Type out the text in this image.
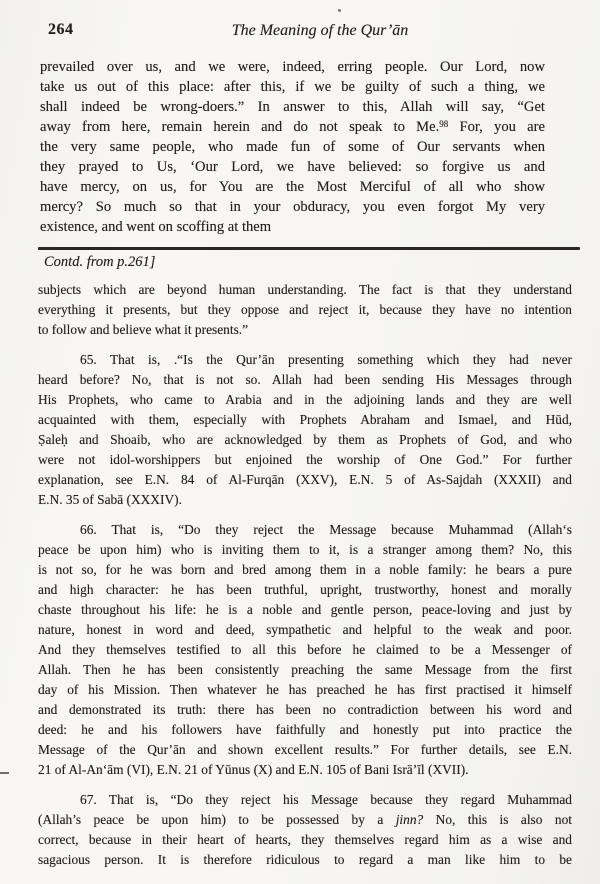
264	The Meaning of the Qur’ān
prevailed over us, and we were, indeed, erring people. Our Lord, now
take us out of this place: after this, if we be guilty of such a thing, we
shall indeed be wrong-doers.” In answer to this, Allah will say, “Get
away from here, remain herein and do not speak to Me.$^{98}$ For, you are
the very same people, who made fun of some of Our servants when
they prayed to Us, ‘Our Lord, we have believed: so forgive us and
have mercy, on us, for You are the Most Merciful of all who show
mercy? So much so that in your obduracy, you even forgot My very
existence, and went on scoffing at them
Contd. from p.261]
subjects which are beyond human understanding. The fact is that they understand
everything it presents, but they oppose and reject it, because they have no intention
to follow and believe what it presents.”
65. That is, .“Is the Qur’ān presenting something which they had never
heard before? No, that is not so. Allah had been sending His Messages through
His Prophets, who came to Arabia and in the adjoining lands and they are well
acquainted with them, especially with Prophets Abraham and Ismael, and Hūd,
Ṣaleḥ and Shoaib, who are acknowledged by them as Prophets of God, and who
were not idol-worshippers but enjoined the worship of One God.” For further
explanation, see E.N. 84 of Al-Furqān (XXV), E.N. 5 of As-Sajdah (XXXII) and
E.N. 35 of Sabā (XXXIV).
66. That is, “Do they reject the Message because Muhammad (Allah‘s
peace be upon him) who is inviting them to it, is a stranger among them? No, this
is not so, for he was born and bred among them in a noble family: he bears a pure
and high character: he has been truthful, upright, trustworthy, honest and morally
chaste throughout his life: he is a noble and gentle person, peace-loving and just by
nature, honest in word and deed, sympathetic and helpful to the weak and poor.
And they themselves testified to all this before he claimed to be a Messenger of
Allah. Then he has been consistently preaching the same Message from the first
day of his Mission. Then whatever he has preached he has first practised it himself
and demonstrated its truth: there has been no contradiction between his word and
deed: he and his followers have faithfully and honestly put into practice the
Message of the Qur’ān and shown excellent results.” For further details, see E.N.
21 of Al-An‘ām (VI), E.N. 21 of Yūnus (X) and E.N. 105 of Bani Isrā’īl (XVII).
67. That is, “Do they reject his Message because they regard Muhammad
(Allah’s peace be upon him) to be possessed by a jinn? No, this is also not
correct, because in their heart of hearts, they themselves regard him as a wise and
sagacious person. It is therefore ridiculous to regard a man like him to be
